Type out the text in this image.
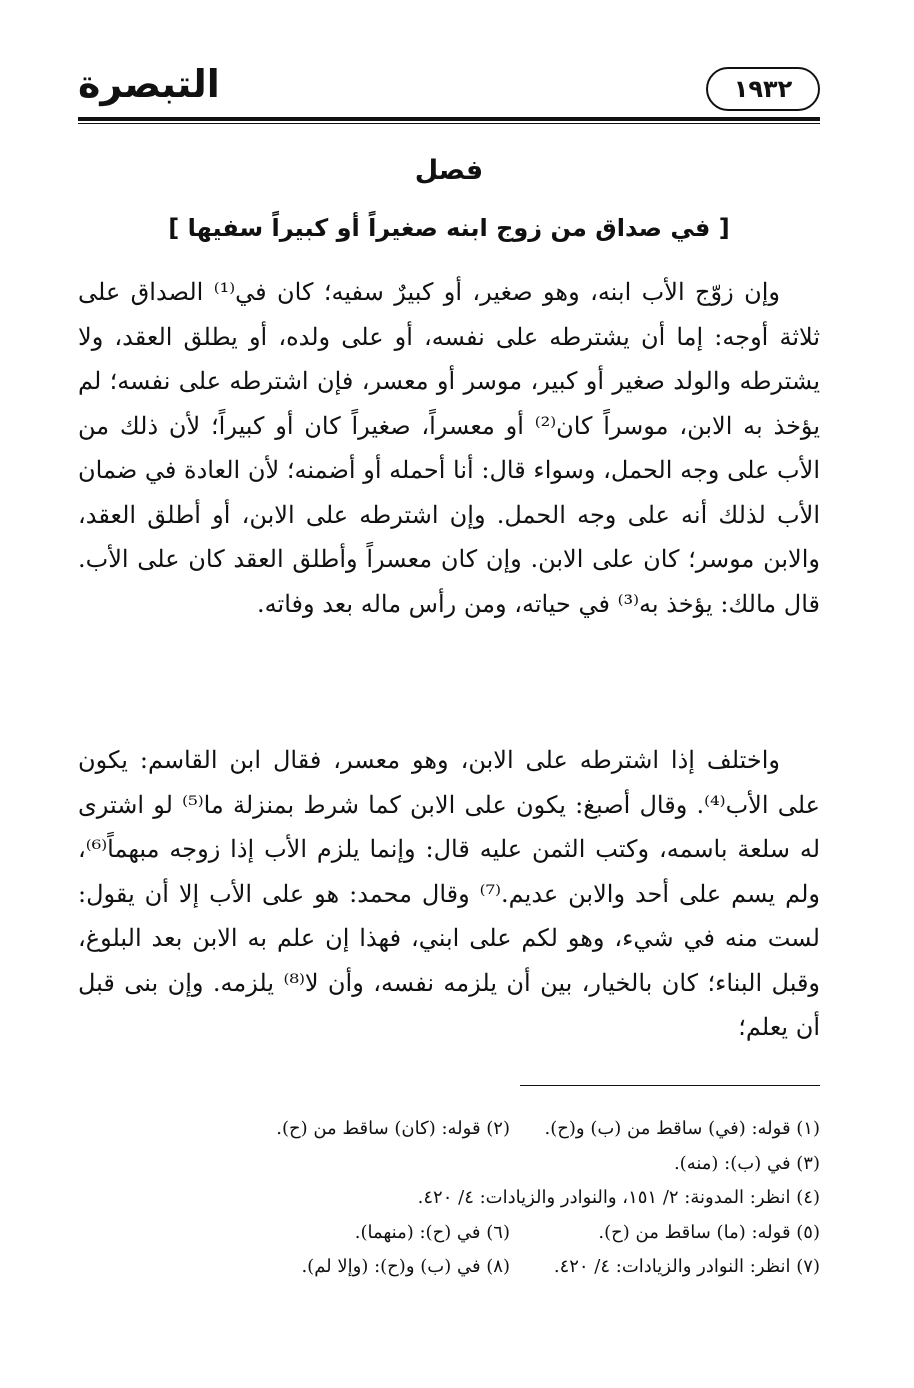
التبصرة	١٩٣٢
فصل
[ في صداق من زوج ابنه صغيراً أو كبيراً سفيها ]

وإن زوّج الأب ابنه، وهو صغير، أو كبيرٌ سفيه؛ كان في⁽¹⁾ الصداق على ثلاثة أوجه: إما أن يشترطه على نفسه، أو على ولده، أو يطلق العقد، ولا يشترطه والولد صغير أو كبير، موسر أو معسر، فإن اشترطه على نفسه؛ لم يؤخذ به الابن، موسراً كان⁽²⁾ أو معسراً، صغيراً كان أو كبيراً؛ لأن ذلك من الأب على وجه الحمل، وسواء قال: أنا أحمله أو أضمنه؛ لأن العادة في ضمان الأب لذلك أنه على وجه الحمل. وإن اشترطه على الابن، أو أطلق العقد، والابن موسر؛ كان على الابن. وإن كان معسراً وأطلق العقد كان على الأب. قال مالك: يؤخذ به⁽³⁾ في حياته، ومن رأس ماله بعد وفاته.

واختلف إذا اشترطه على الابن، وهو معسر، فقال ابن القاسم: يكون على الأب⁽⁴⁾. وقال أصبغ: يكون على الابن كما شرط بمنزلة ما⁽⁵⁾ لو اشترى له سلعة باسمه، وكتب الثمن عليه قال: وإنما يلزم الأب إذا زوجه مبهماً⁽⁶⁾، ولم يسم على أحد والابن عديم.⁽⁷⁾ وقال محمد: هو على الأب إلا أن يقول: لست منه في شيء، وهو لكم على ابني، فهذا إن علم به الابن بعد البلوغ، وقبل البناء؛ كان بالخيار، بين أن يلزمه نفسه، وأن لا⁽⁸⁾ يلزمه. وإن بنى قبل أن يعلم؛

(١) قوله: (في) ساقط من (ب) و(ح).
(٢) قوله: (كان) ساقط من (ح).
(٣) في (ب): (منه).
(٤) انظر: المدونة: ٢/ ١٥١، والنوادر والزيادات: ٤/ ٤٢٠.
(٥) قوله: (ما) ساقط من (ح).
(٦) في (ح): (منهما).
(٧) انظر: النوادر والزيادات: ٤/ ٤٢٠.
(٨) في (ب) و(ح): (وإلا لم).
